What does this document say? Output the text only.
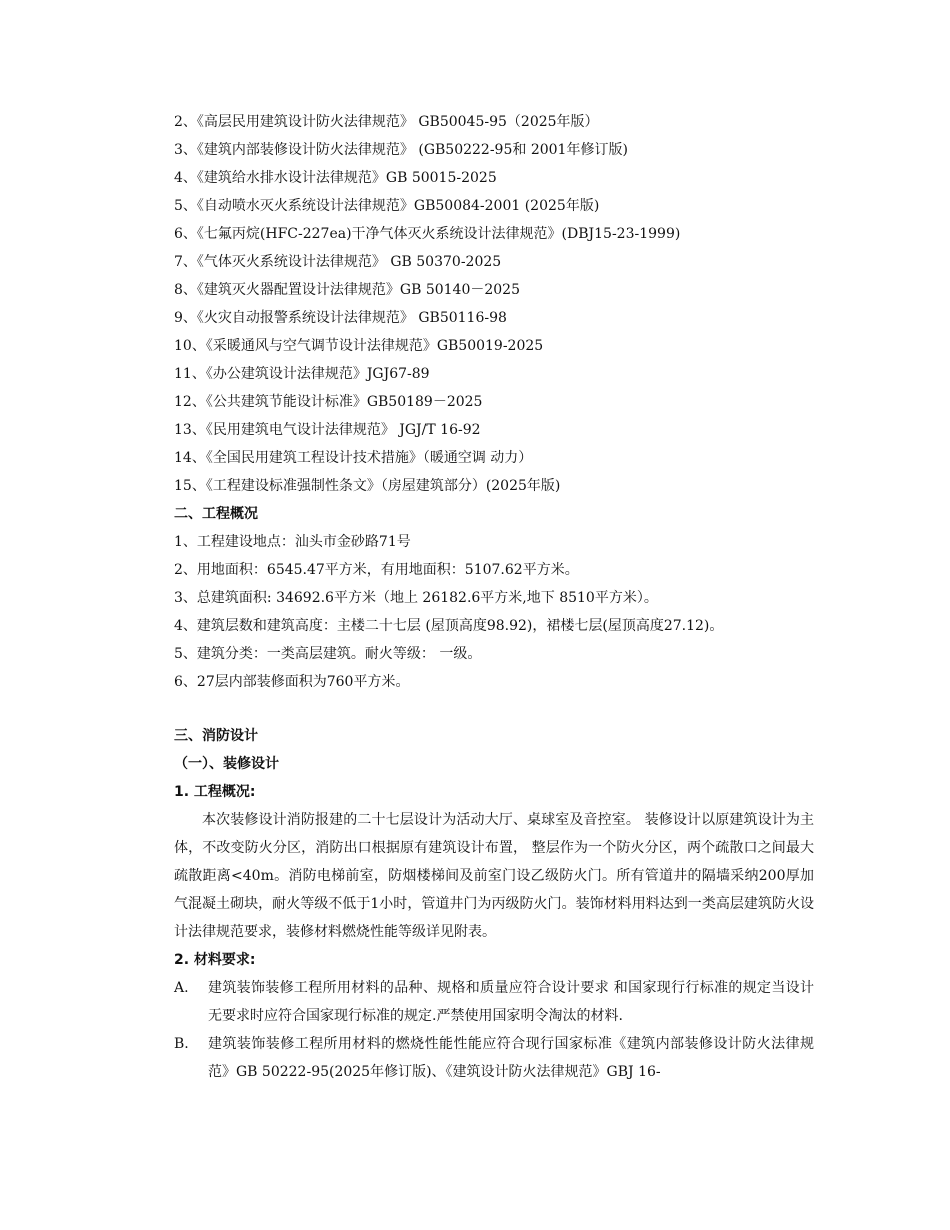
2、《高层民用建筑设计防火法律规范》 GB50045-95（2025年版）
3、《建筑内部装修设计防火法律规范》 (GB50222-95和 2001年修订版)
4、《建筑给水排水设计法律规范》GB 50015-2025
5、《自动喷水灭火系统设计法律规范》GB50084-2001 (2025年版)
6、《七氟丙烷(HFC-227ea)干净气体灭火系统设计法律规范》(DBJ15-23-1999)
7、《气体灭火系统设计法律规范》 GB 50370-2025
8、《建筑灭火器配置设计法律规范》GB 50140－2025
9、《火灾自动报警系统设计法律规范》 GB50116-98
10、《采暖通风与空气调节设计法律规范》GB50019-2025
11、《办公建筑设计法律规范》JGJ67-89
12、《公共建筑节能设计标准》GB50189－2025
13、《民用建筑电气设计法律规范》 JGJ/T 16-92
14、《全国民用建筑工程设计技术措施》（暖通空调 动力）
15、《工程建设标准强制性条文》（房屋建筑部分）(2025年版)
二、工程概况
1、工程建设地点：汕头市金砂路71号
2、用地面积：6545.47平方米，有用地面积：5107.62平方米。
3、总建筑面积: 34692.6平方米（地上 26182.6平方米,地下 8510平方米）。
4、建筑层数和建筑高度：主楼二十七层 (屋顶高度98.92)，裙楼七层(屋顶高度27.12)。
5、建筑分类：一类高层建筑。耐火等级： 一级。
6、27层内部装修面积为760平方米。
三、消防设计
（一）、装修设计
1. 工程概况:

本次装修设计消防报建的二十七层设计为活动大厅、桌球室及音控室。 装修设计以原建筑设计为主体，不改变防火分区，消防出口根据原有建筑设计布置， 整层作为一个防火分区，两个疏散口之间最大疏散距离<40m。消防电梯前室，防烟楼梯间及前室门设乙级防火门。所有管道井的隔墙采纳200厚加气混凝土砌块，耐火等级不低于1小时，管道井门为丙级防火门。装饰材料用料达到一类高层建筑防火设计法律规范要求，装修材料燃烧性能等级详见附表。

2. 材料要求:
A.	建筑装饰装修工程所用材料的品种、规格和质量应符合设计要求 和国家现行行标准的规定当设计无要求时应符合国家现行标准的规定.严禁使用国家明令淘汰的材料.
B.	建筑装饰装修工程所用材料的燃烧性能性能应符合现行国家标准《建筑内部装修设计防火法律规范》GB 50222-95(2025年修订版)、《建筑设计防火法律规范》GBJ 16-
